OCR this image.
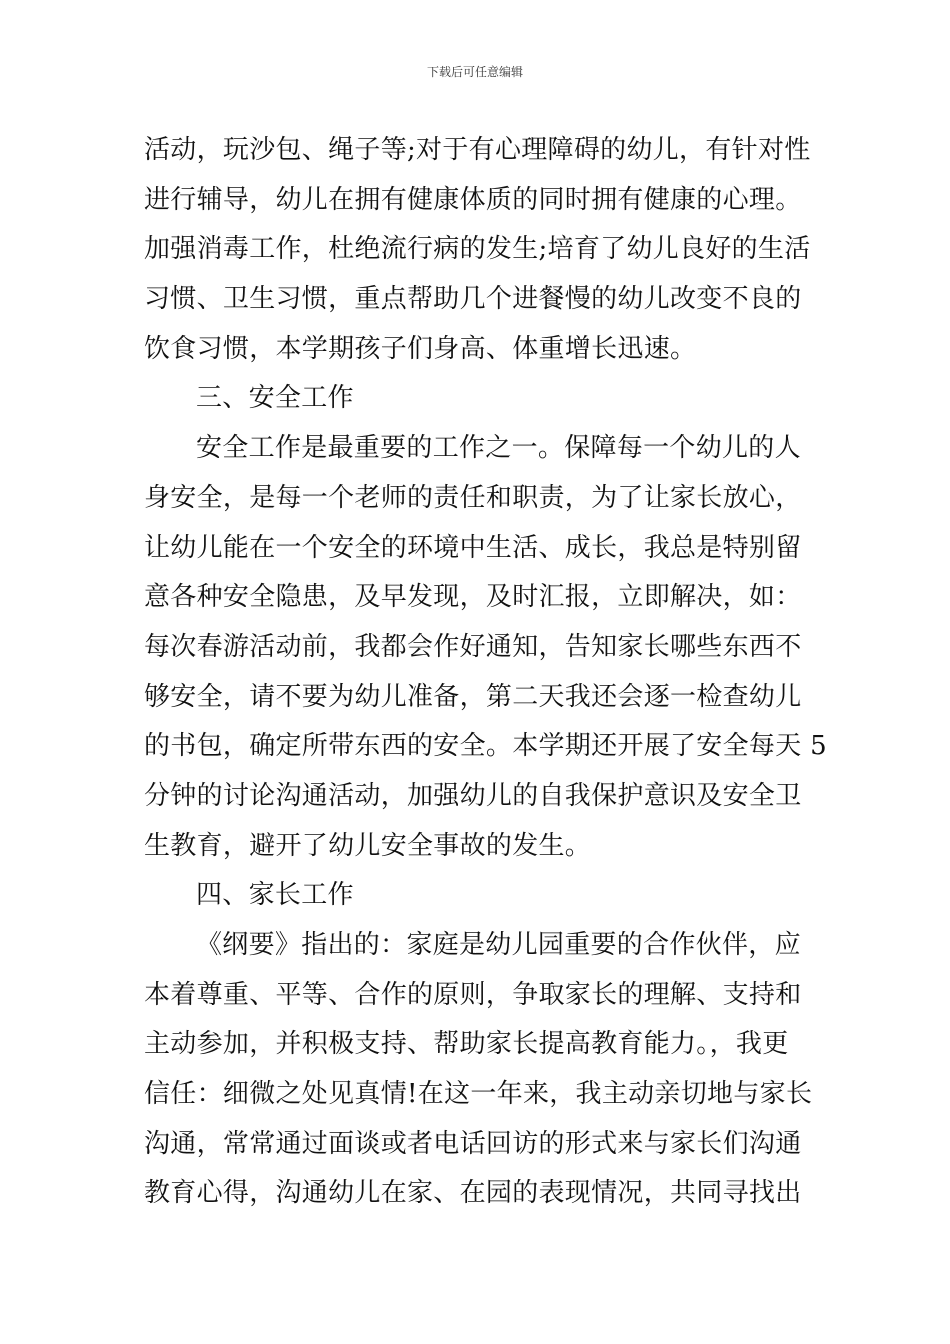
下载后可任意编辑
活动，玩沙包、绳子等;对于有心理障碍的幼儿，有针对性
进行辅导，幼儿在拥有健康体质的同时拥有健康的心理。
加强消毒工作，杜绝流行病的发生;培育了幼儿良好的生活
习惯、卫生习惯，重点帮助几个进餐慢的幼儿改变不良的
饮食习惯，本学期孩子们身高、体重增长迅速。
三、安全工作
安全工作是最重要的工作之一。保障每一个幼儿的人
身安全，是每一个老师的责任和职责，为了让家长放心，
让幼儿能在一个安全的环境中生活、成长，我总是特别留
意各种安全隐患，及早发现，及时汇报，立即解决，如：
每次春游活动前，我都会作好通知，告知家长哪些东西不
够安全，请不要为幼儿准备，第二天我还会逐一检查幼儿
的书包，确定所带东西的安全。本学期还开展了安全每天 5
分钟的讨论沟通活动，加强幼儿的自我保护意识及安全卫
生教育，避开了幼儿安全事故的发生。
四、家长工作
《纲要》指出的：家庭是幼儿园重要的合作伙伴，应
本着尊重、平等、合作的原则，争取家长的理解、支持和
主动参加，并积极支持、帮助家长提高教育能力。，我更
信任：细微之处见真情!在这一年来，我主动亲切地与家长
沟通，常常通过面谈或者电话回访的形式来与家长们沟通
教育心得，沟通幼儿在家、在园的表现情况，共同寻找出
